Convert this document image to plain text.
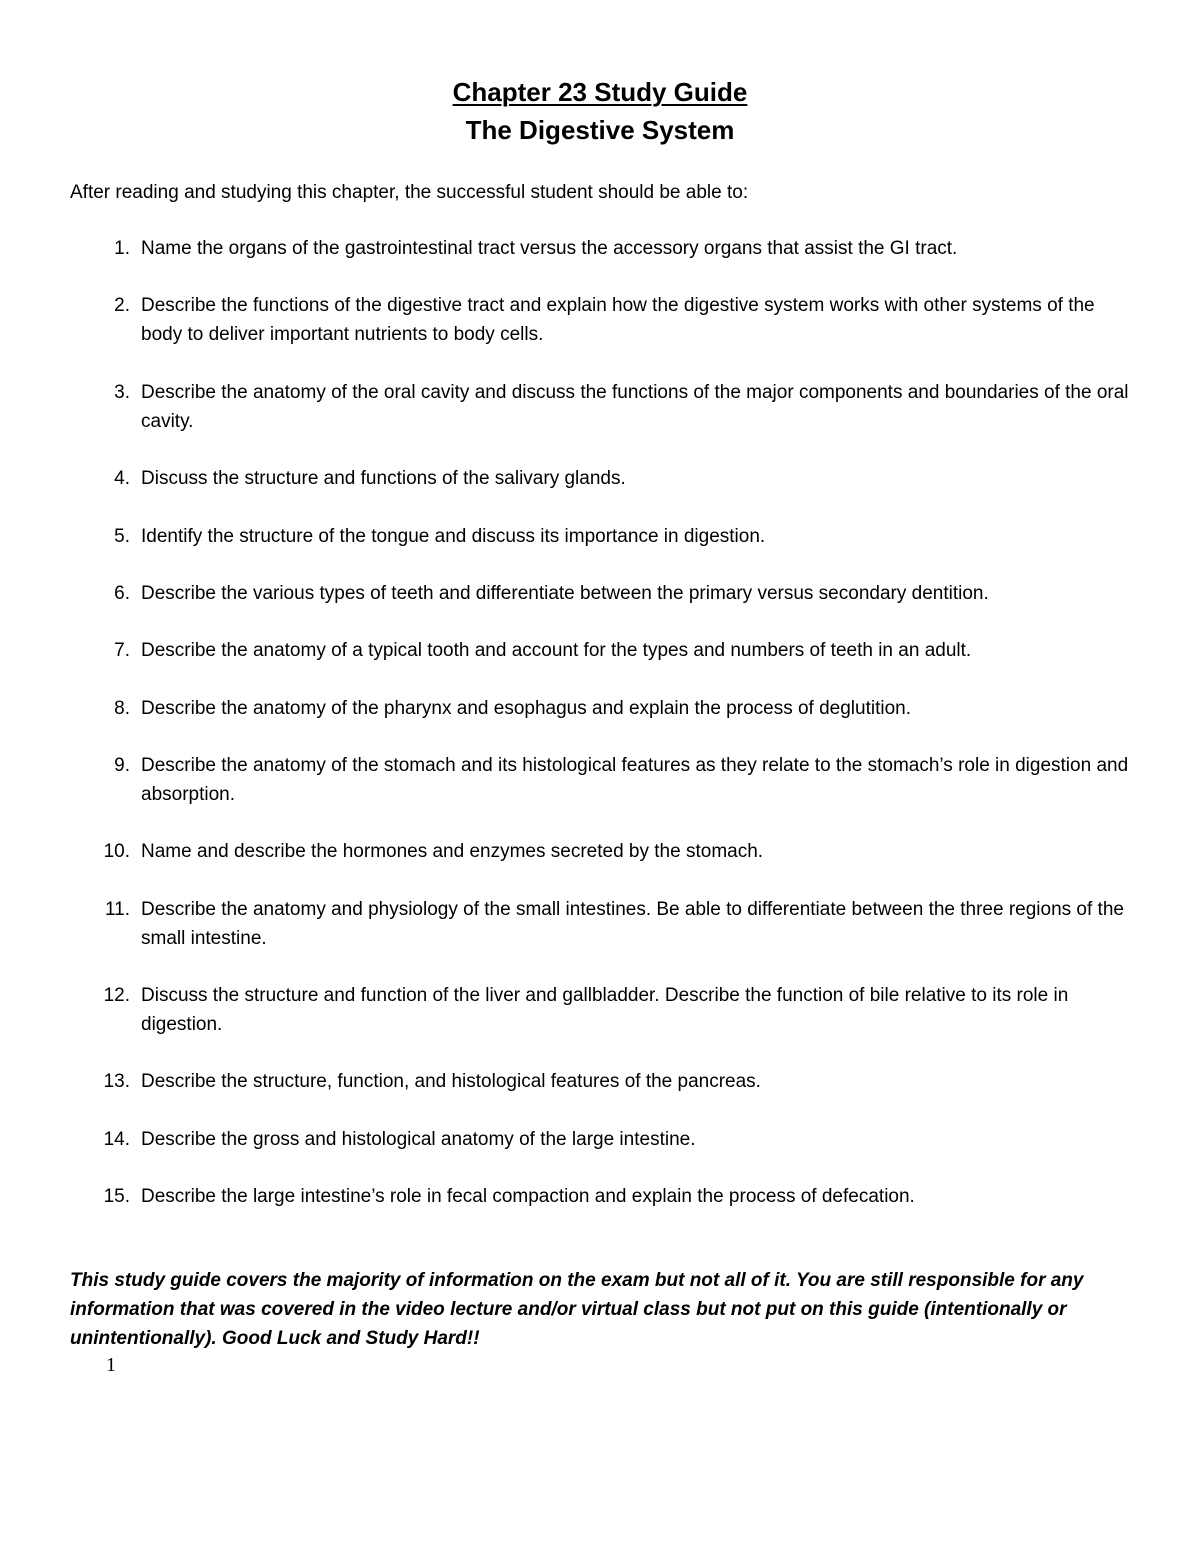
Chapter 23 Study Guide
The Digestive System

After reading and studying this chapter, the successful student should be able to:

1. Name the organs of the gastrointestinal tract versus the accessory organs that assist the GI tract.
2. Describe the functions of the digestive tract and explain how the digestive system works with other systems of the body to deliver important nutrients to body cells.
3. Describe the anatomy of the oral cavity and discuss the functions of the major components and boundaries of the oral cavity.
4. Discuss the structure and functions of the salivary glands.
5. Identify the structure of the tongue and discuss its importance in digestion.
6. Describe the various types of teeth and differentiate between the primary versus secondary dentition.
7. Describe the anatomy of a typical tooth and account for the types and numbers of teeth in an adult.
8. Describe the anatomy of the pharynx and esophagus and explain the process of deglutition.
9. Describe the anatomy of the stomach and its histological features as they relate to the stomach’s role in digestion and absorption.
10. Name and describe the hormones and enzymes secreted by the stomach.
11. Describe the anatomy and physiology of the small intestines. Be able to differentiate between the three regions of the small intestine.
12. Discuss the structure and function of the liver and gallbladder. Describe the function of bile relative to its role in digestion.
13. Describe the structure, function, and histological features of the pancreas.
14. Describe the gross and histological anatomy of the large intestine.
15. Describe the large intestine’s role in fecal compaction and explain the process of defecation.

This study guide covers the majority of information on the exam but not all of it. You are still responsible for any information that was covered in the video lecture and/or virtual class but not put on this guide (intentionally or unintentionally). Good Luck and Study Hard!!

1
